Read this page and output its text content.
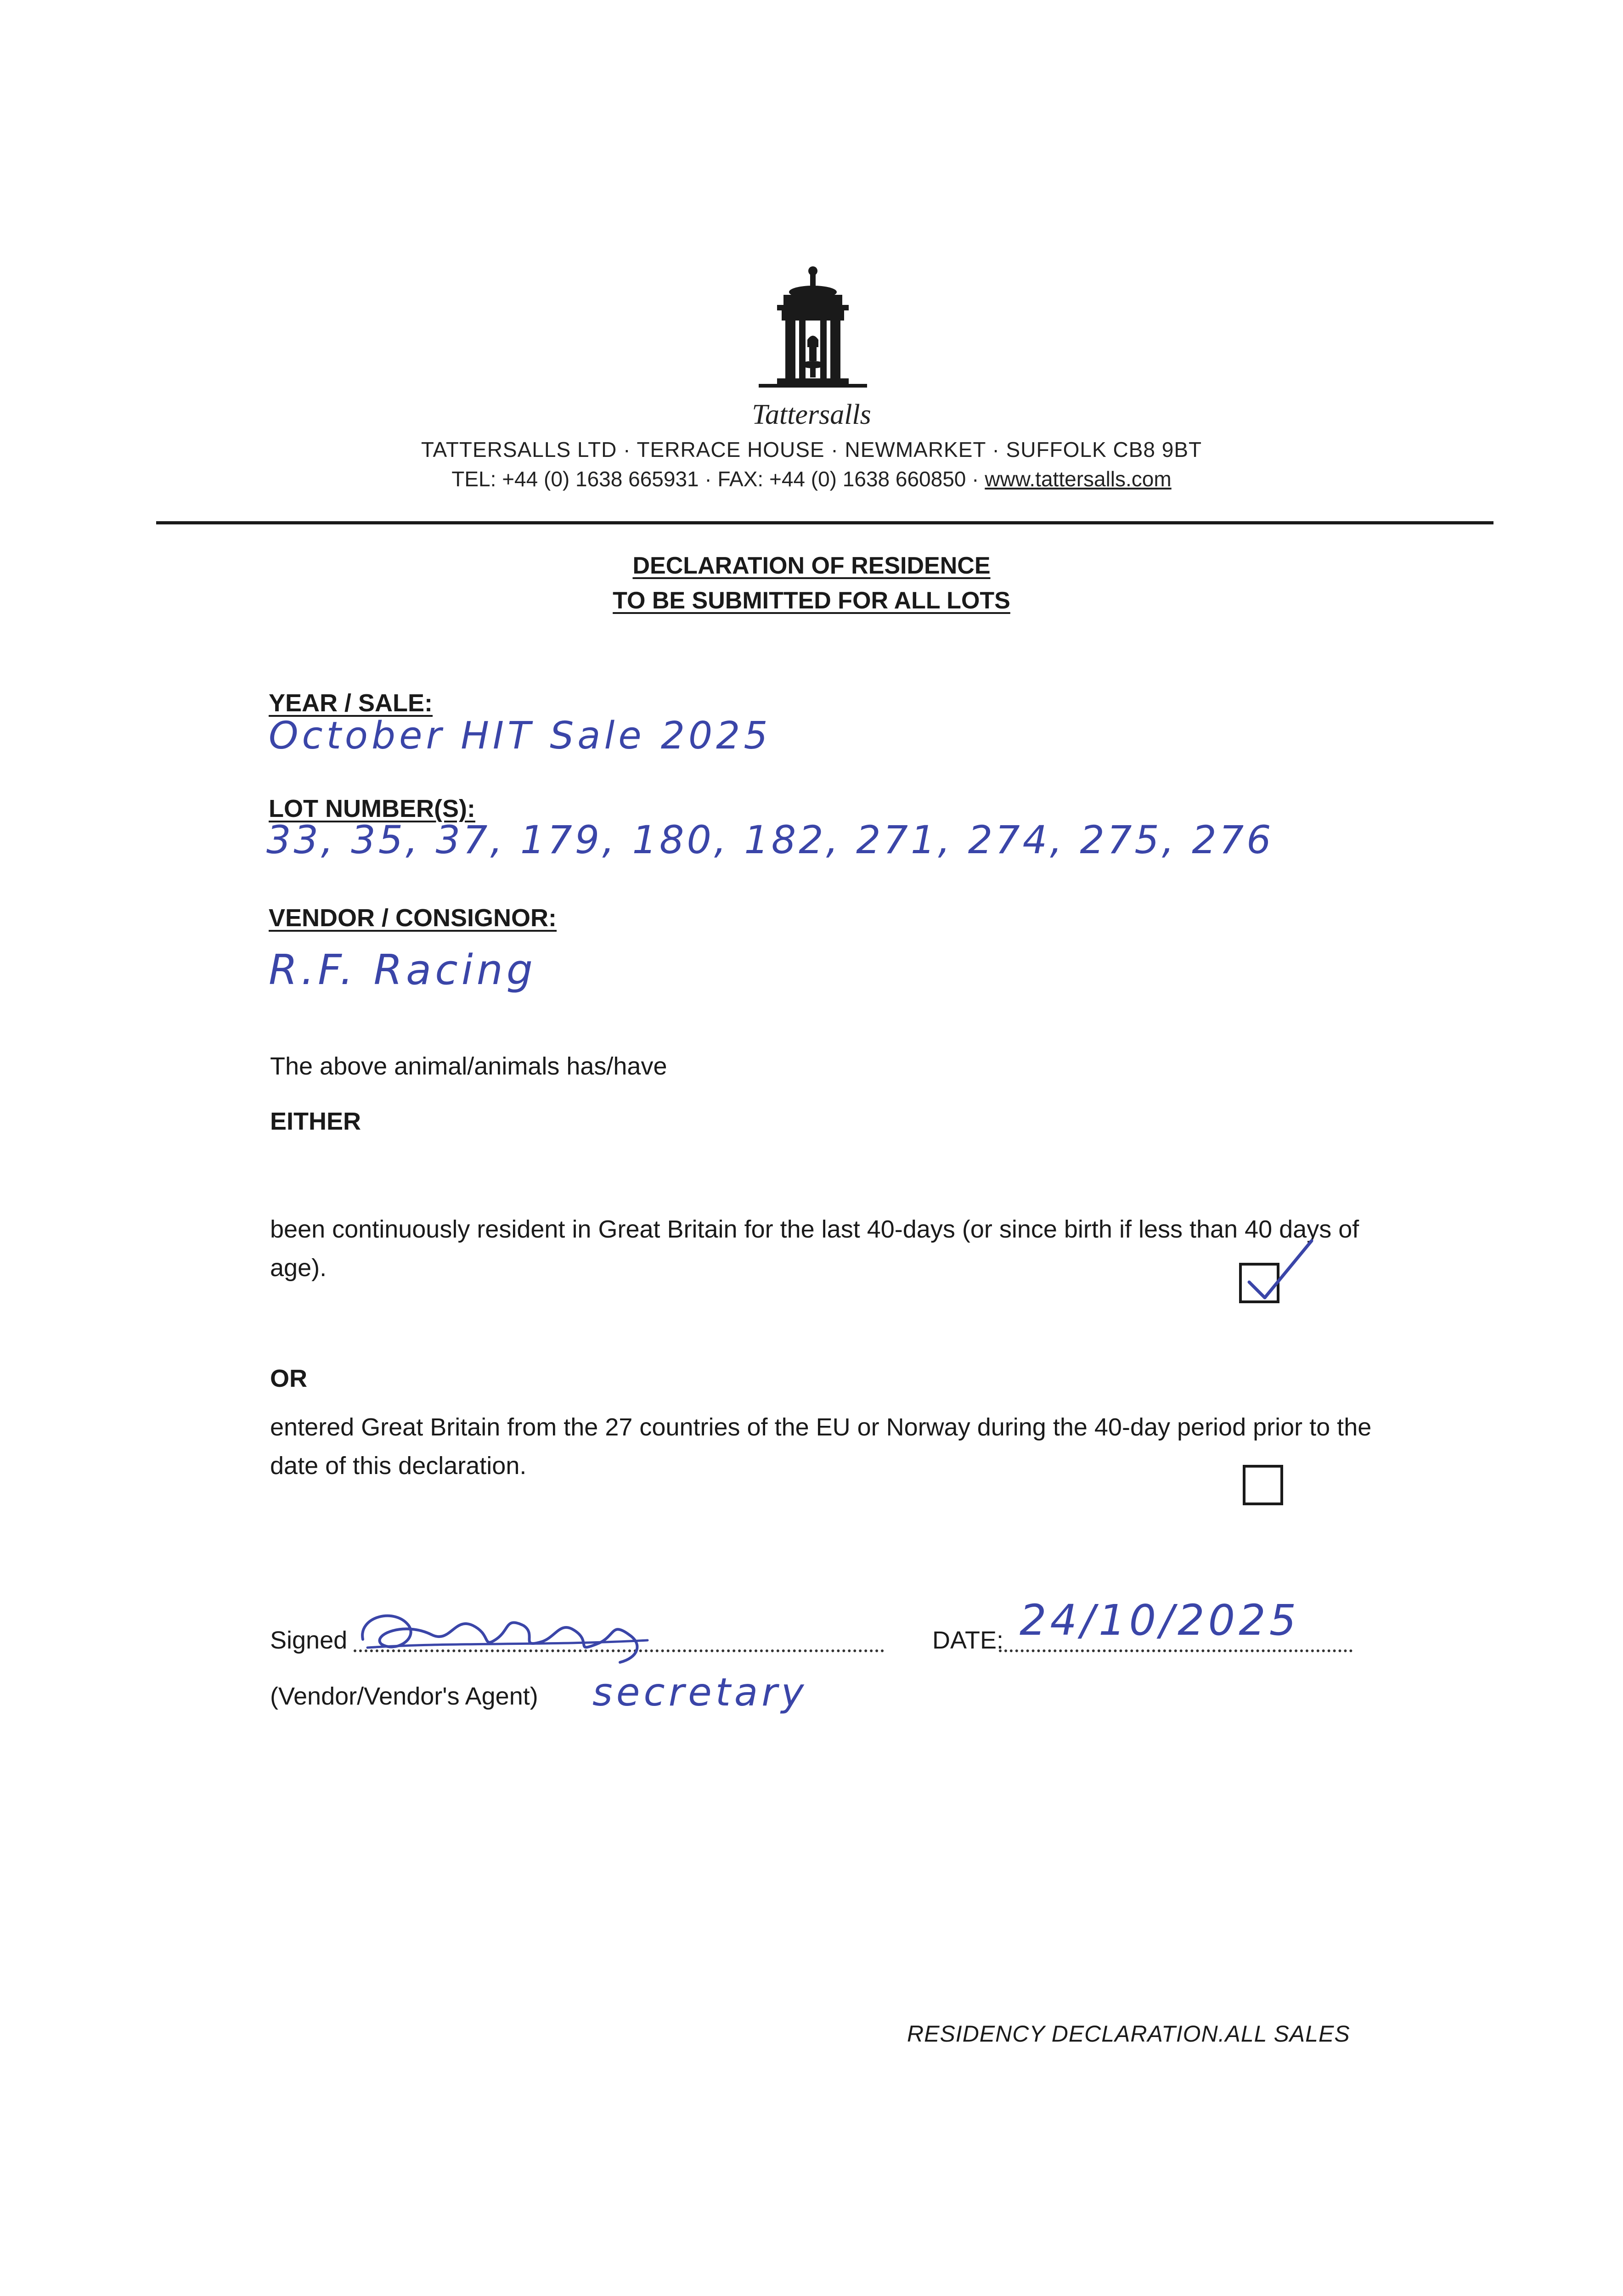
Tattersalls
TATTERSALLS LTD · TERRACE HOUSE · NEWMARKET · SUFFOLK CB8 9BT
TEL: +44 (0) 1638 665931 · FAX: +44 (0) 1638 660850 · www.tattersalls.com
DECLARATION OF RESIDENCE
TO BE SUBMITTED FOR ALL LOTS
YEAR / SALE:
October HIT Sale 2025
LOT NUMBER(S):
33, 35, 37, 179, 180, 182, 271, 274, 275, 276
VENDOR / CONSIGNOR:
R.F. Racing
The above animal/animals has/have
EITHER
been continuously resident in Great Britain for the last 40-days (or since birth if less than 40 days of age).
OR
entered Great Britain from the 27 countries of the EU or Norway during the 40-day period prior to the date of this declaration.
Signed
(Vendor/Vendor's Agent) secretary
DATE: 24/10/2025
RESIDENCY DECLARATION.ALL SALES
